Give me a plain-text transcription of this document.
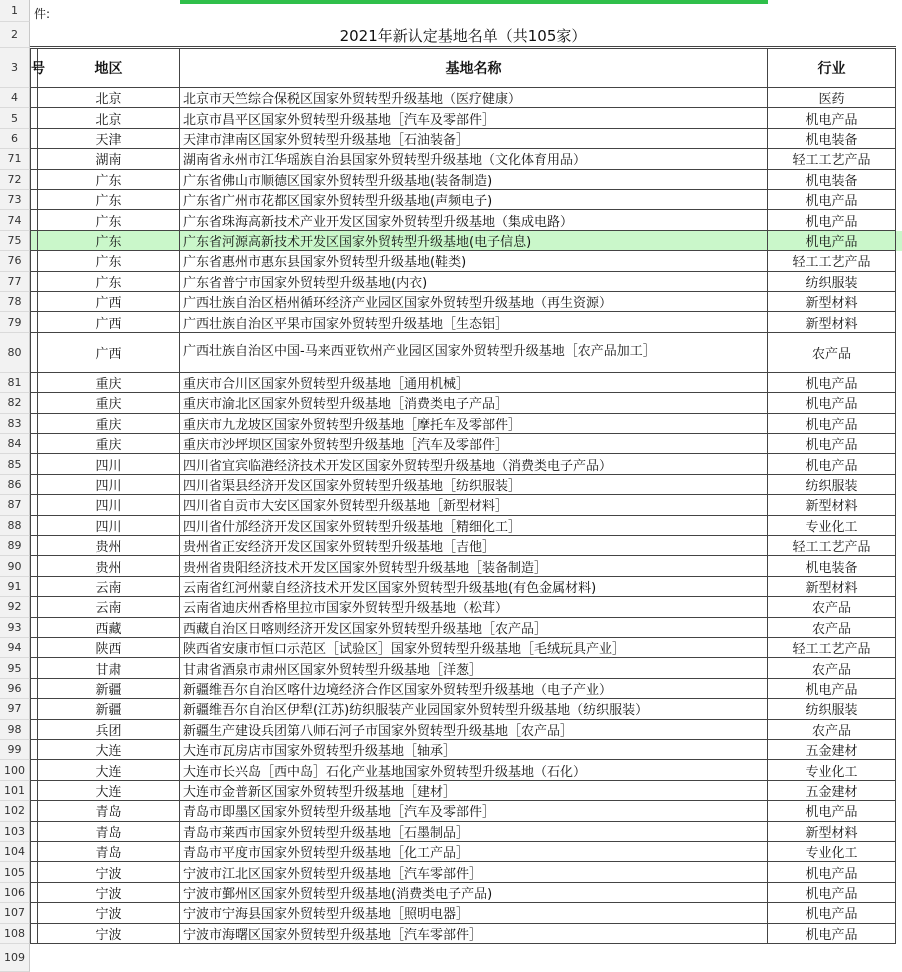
1	件:
2	2021年新认定基地名单（共105家）
3 号	地区	基地名称	行业
4	北京	北京市天竺综合保税区国家外贸转型升级基地（医疗健康）	医药
5	北京	北京市昌平区国家外贸转型升级基地［汽车及零部件］	机电产品
6	天津	天津市津南区国家外贸转型升级基地［石油装备］	机电装备
71	湖南	湖南省永州市江华瑶族自治县国家外贸转型升级基地（文化体育用品）	轻工工艺产品
72	广东	广东省佛山市顺德区国家外贸转型升级基地(装备制造)	机电装备
73	广东	广东省广州市花都区国家外贸转型升级基地(声频电子)	机电产品
74	广东	广东省珠海高新技术产业开发区国家外贸转型升级基地（集成电路）	机电产品
75	广东	广东省河源高新技术开发区国家外贸转型升级基地(电子信息)	机电产品
76	广东	广东省惠州市惠东县国家外贸转型升级基地(鞋类)	轻工工艺产品
77	广东	广东省普宁市国家外贸转型升级基地(内衣)	纺织服装
78	广西	广西壮族自治区梧州循环经济产业园区国家外贸转型升级基地（再生资源）	新型材料
79	广西	广西壮族自治区平果市国家外贸转型升级基地［生态铝］	新型材料
80	广西	广西壮族自治区中国-马来西亚钦州产业园区国家外贸转型升级基地［农产品加工］	农产品
81	重庆	重庆市合川区国家外贸转型升级基地［通用机械］	机电产品
82	重庆	重庆市渝北区国家外贸转型升级基地［消费类电子产品］	机电产品
83	重庆	重庆市九龙坡区国家外贸转型升级基地［摩托车及零部件］	机电产品
84	重庆	重庆市沙坪坝区国家外贸转型升级基地［汽车及零部件］	机电产品
85	四川	四川省宜宾临港经济技术开发区国家外贸转型升级基地（消费类电子产品）	机电产品
86	四川	四川省渠县经济开发区国家外贸转型升级基地［纺织服装］	纺织服装
87	四川	四川省自贡市大安区国家外贸转型升级基地［新型材料］	新型材料
88	四川	四川省什邡经济开发区国家外贸转型升级基地［精细化工］	专业化工
89	贵州	贵州省正安经济开发区国家外贸转型升级基地［吉他］	轻工工艺产品
90	贵州	贵州省贵阳经济技术开发区国家外贸转型升级基地［装备制造］	机电装备
91	云南	云南省红河州蒙自经济技术开发区国家外贸转型升级基地(有色金属材料)	新型材料
92	云南	云南省迪庆州香格里拉市国家外贸转型升级基地（松茸）	农产品
93	西藏	西藏自治区日喀则经济开发区国家外贸转型升级基地［农产品］	农产品
94	陕西	陕西省安康市恒口示范区［试验区］国家外贸转型升级基地［毛绒玩具产业］	轻工工艺产品
95	甘肃	甘肃省酒泉市肃州区国家外贸转型升级基地［洋葱］	农产品
96	新疆	新疆维吾尔自治区喀什边境经济合作区国家外贸转型升级基地（电子产业）	机电产品
97	新疆	新疆维吾尔自治区伊犁(江苏)纺织服装产业园国家外贸转型升级基地（纺织服装）	纺织服装
98	兵团	新疆生产建设兵团第八师石河子市国家外贸转型升级基地［农产品］	农产品
99	大连	大连市瓦房店市国家外贸转型升级基地［轴承］	五金建材
100	大连	大连市长兴岛［西中岛］石化产业基地国家外贸转型升级基地（石化）	专业化工
101	大连	大连市金普新区国家外贸转型升级基地［建材］	五金建材
102	青岛	青岛市即墨区国家外贸转型升级基地［汽车及零部件］	机电产品
103	青岛	青岛市莱西市国家外贸转型升级基地［石墨制品］	新型材料
104	青岛	青岛市平度市国家外贸转型升级基地［化工产品］	专业化工
105	宁波	宁波市江北区国家外贸转型升级基地［汽车零部件］	机电产品
106	宁波	宁波市鄞州区国家外贸转型升级基地(消费类电子产品)	机电产品
107	宁波	宁波市宁海县国家外贸转型升级基地［照明电器］	机电产品
108	宁波	宁波市海曙区国家外贸转型升级基地［汽车零部件］	机电产品
109
